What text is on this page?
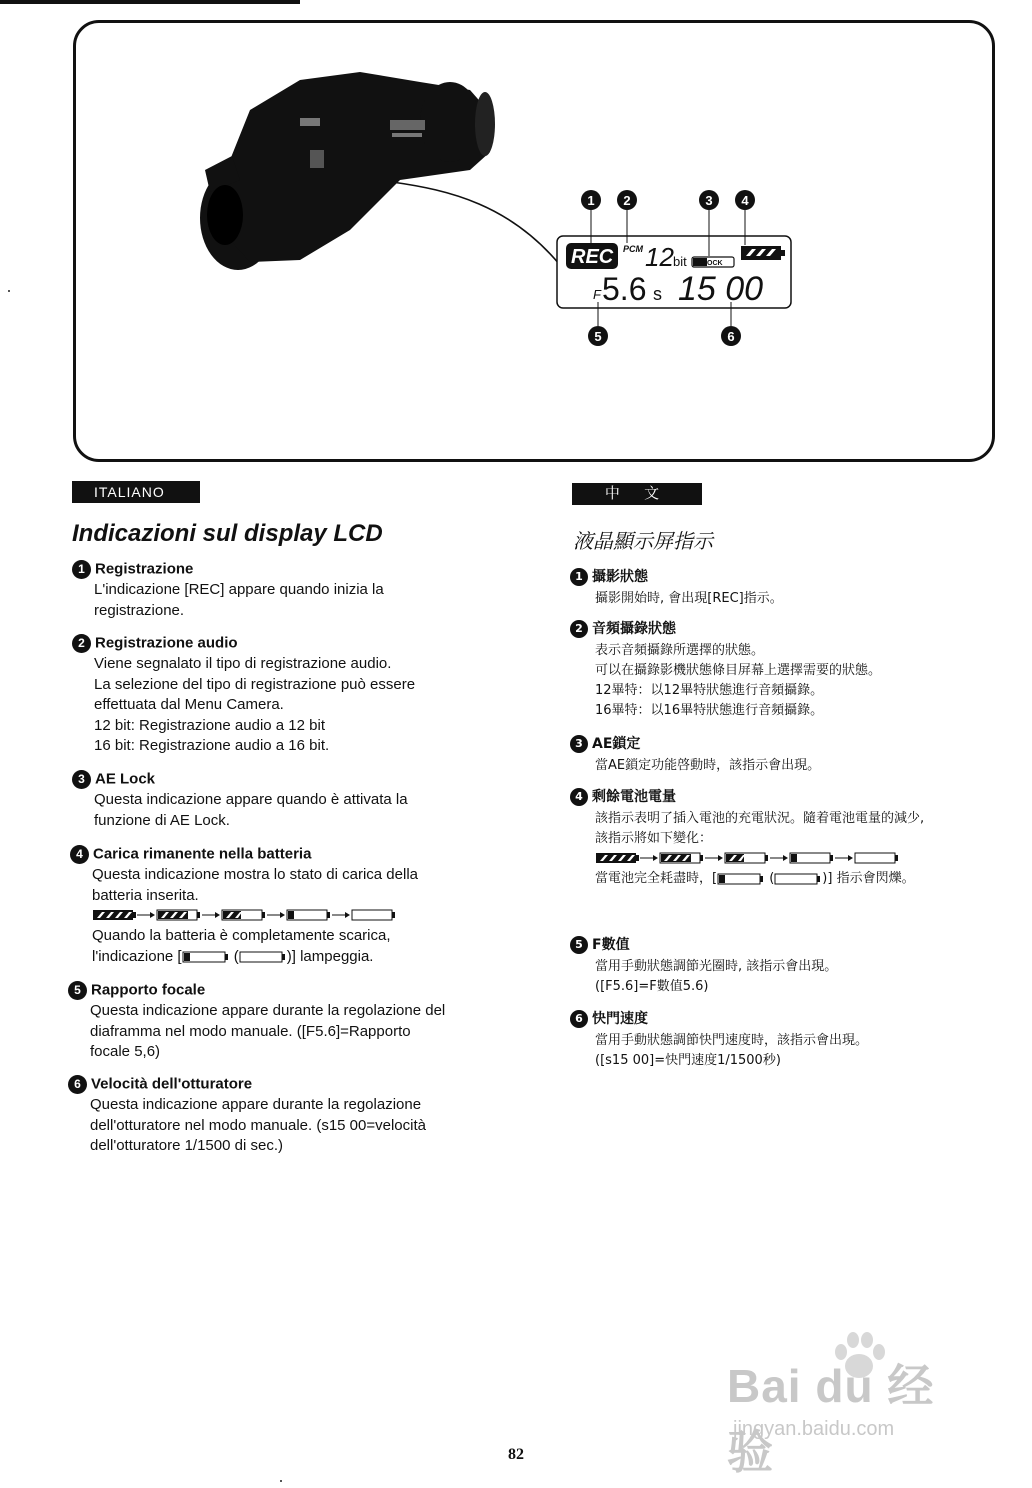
REC PCM 12 bit AELOCK
F 5.6 s 15 00
1 2	3 4
5	6
ITALIANO
Indicazioni sul display LCD
1 Registrazione
L'indicazione [REC] appare quando inizia la
registrazione.
2 Registrazione audio
Viene segnalato il tipo di registrazione audio.
La selezione del tipo di registrazione può essere
effettuata dal Menu Camera.
12 bit: Registrazione audio a 12 bit
16 bit: Registrazione audio a 16 bit.
3 AE Lock
Questa indicazione appare quando è attivata la
funzione di AE Lock.
4 Carica rimanente nella batteria
Questa indicazione mostra lo stato di carica della
batteria inserita.
Quando la batteria è completamente scarica,
l'indicazione [	(	)] lampeggia.
5 Rapporto focale
Questa indicazione appare durante la regolazione del
diaframma nel modo manuale. ([F5.6]=Rapporto
focale 5,6)
6 Velocità dell'otturatore
Questa indicazione appare durante la regolazione
dell'otturatore nel modo manuale. (s15 00=velocità
dell'otturatore 1/1500 di sec.)
中 文
液晶顯示屏指示
1 攝影狀態
攝影開始時, 會出現[REC]指示。
2 音頻攝錄狀態
表示音頻攝錄所選擇的狀態。
可以在攝錄影機狀態條目屏幕上選擇需要的狀態。
12畢特：以12畢特狀態進行音頻攝錄。
16畢特：以16畢特狀態進行音頻攝錄。
3 AE鎖定
當AE鎖定功能啓動時，該指示會出現。
4 剩餘電池電量
該指示表明了插入電池的充電狀況。隨着電池電量的減少,
該指示將如下變化：
當電池完全耗盡時，[	(	)] 指示會閃爍。
5 F數值
當用手動狀態調節光圈時, 該指示會出現。
([F5.6]=F數值5.6)
6 快門速度
當用手動狀態調節快門速度時，該指示會出現。
([s15 00]=快門速度1/1500秒)
Bai du 经验
jingyan.baidu.com
82
